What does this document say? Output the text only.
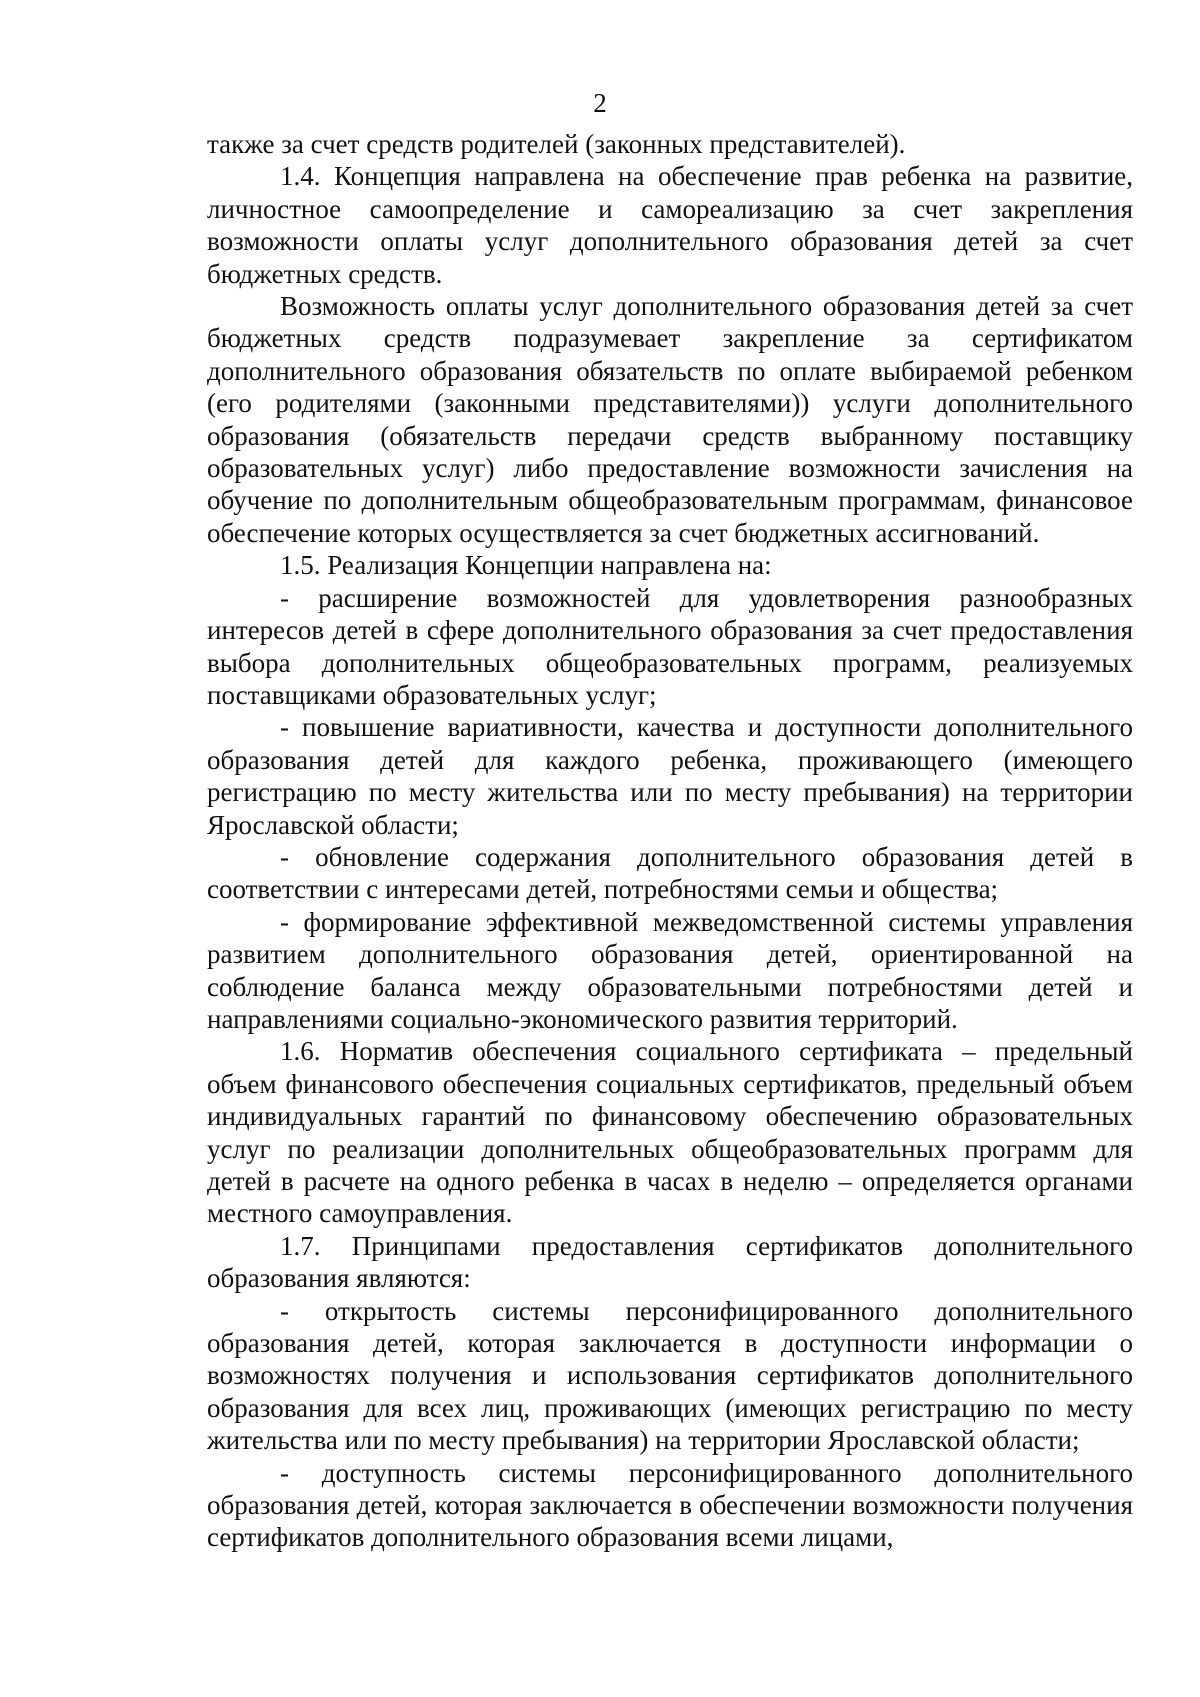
2

также за счет средств родителей (законных представителей).

1.4. Концепция направлена на обеспечение прав ребенка на развитие, личностное самоопределение и самореализацию за счет закрепления возможности оплаты услуг дополнительного образования детей за счет бюджетных средств.

Возможность оплаты услуг дополнительного образования детей за счет бюджетных средств подразумевает закрепление за сертификатом дополнительного образования обязательств по оплате выбираемой ребенком (его родителями (законными представителями)) услуги дополнительного образования (обязательств передачи средств выбранному поставщику образовательных услуг) либо предоставление возможности зачисления на обучение по дополнительным общеобразовательным программам, финансовое обеспечение которых осуществляется за счет бюджетных ассигнований.

1.5. Реализация Концепции направлена на:

- расширение возможностей для удовлетворения разнообразных интересов детей в сфере дополнительного образования за счет предоставления выбора дополнительных общеобразовательных программ, реализуемых поставщиками образовательных услуг;

- повышение вариативности, качества и доступности дополнительного образования детей для каждого ребенка, проживающего (имеющего регистрацию по месту жительства или по месту пребывания) на территории Ярославской области;

- обновление содержания дополнительного образования детей в соответствии с интересами детей, потребностями семьи и общества;

- формирование эффективной межведомственной системы управления развитием дополнительного образования детей, ориентированной на соблюдение баланса между образовательными потребностями детей и направлениями социально-экономического развития территорий.

1.6. Норматив обеспечения социального сертификата – предельный объем финансового обеспечения социальных сертификатов, предельный объем индивидуальных гарантий по финансовому обеспечению образовательных услуг по реализации дополнительных общеобразовательных программ для детей в расчете на одного ребенка в часах в неделю – определяется органами местного самоуправления.

1.7. Принципами предоставления сертификатов дополнительного образования являются:

- открытость системы персонифицированного дополнительного образования детей, которая заключается в доступности информации о возможностях получения и использования сертификатов дополнительного образования для всех лиц, проживающих (имеющих регистрацию по месту жительства или по месту пребывания) на территории Ярославской области;

- доступность системы персонифицированного дополнительного образования детей, которая заключается в обеспечении возможности получения сертификатов дополнительного образования всеми лицами,
